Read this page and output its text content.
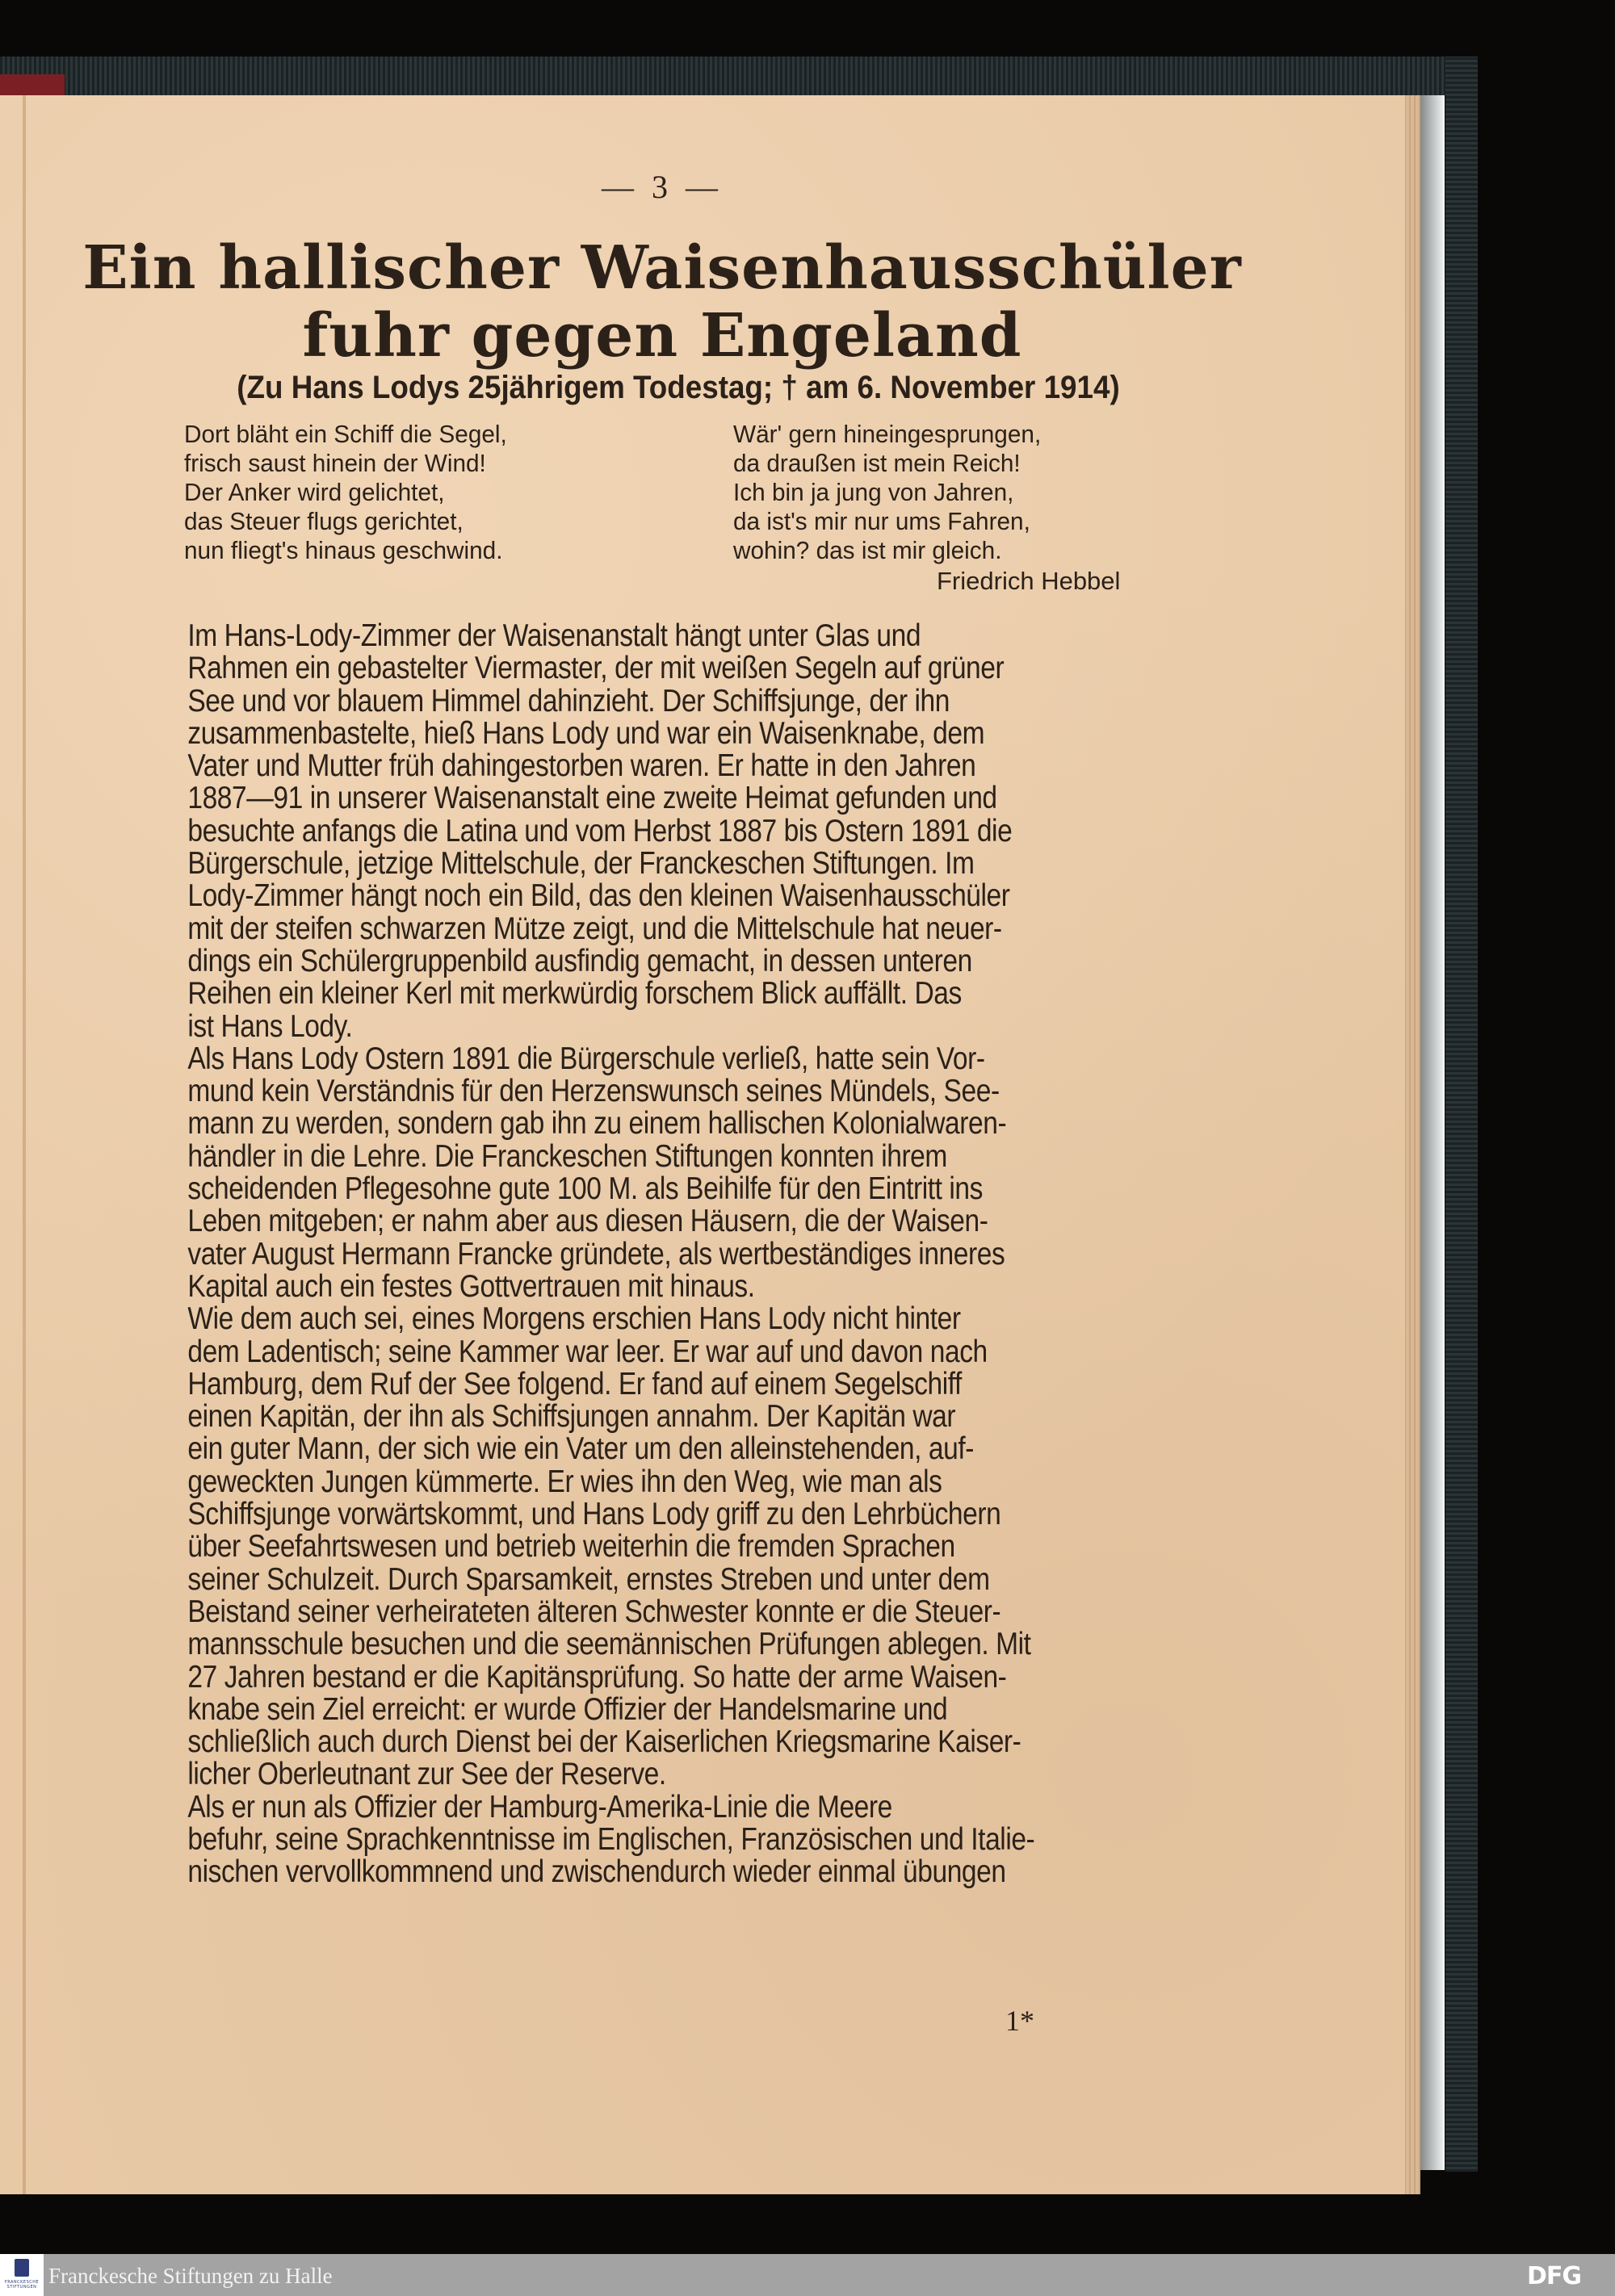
— 3 —
Ein hallischer Waisenhausschüler
fuhr gegen Engeland
(Zu Hans Lodys 25jährigem Todestag; † am 6. November 1914)
Dort bläht ein Schiff die Segel,
frisch saust hinein der Wind!
Der Anker wird gelichtet,
das Steuer flugs gerichtet,
nun fliegt's hinaus geschwind.
Wär' gern hineingesprungen,
da draußen ist mein Reich!
Ich bin ja jung von Jahren,
da ist's mir nur ums Fahren,
wohin? das ist mir gleich.
Friedrich Hebbel
Im Hans-Lody-Zimmer der Waisenanstalt hängt unter Glas und
Rahmen ein gebastelter Viermaster, der mit weißen Segeln auf grüner
See und vor blauem Himmel dahinzieht. Der Schiffsjunge, der ihn
zusammenbastelte, hieß Hans Lody und war ein Waisenknabe, dem
Vater und Mutter früh dahingestorben waren. Er hatte in den Jahren
1887—91 in unserer Waisenanstalt eine zweite Heimat gefunden und
besuchte anfangs die Latina und vom Herbst 1887 bis Ostern 1891 die
Bürgerschule, jetzige Mittelschule, der Franckeschen Stiftungen. Im
Lody-Zimmer hängt noch ein Bild, das den kleinen Waisenhausschüler
mit der steifen schwarzen Mütze zeigt, und die Mittelschule hat neuer-
dings ein Schülergruppenbild ausfindig gemacht, in dessen unteren
Reihen ein kleiner Kerl mit merkwürdig forschem Blick auffällt. Das
ist Hans Lody.
Als Hans Lody Ostern 1891 die Bürgerschule verließ, hatte sein Vor-
mund kein Verständnis für den Herzenswunsch seines Mündels, See-
mann zu werden, sondern gab ihn zu einem hallischen Kolonialwaren-
händler in die Lehre. Die Franckeschen Stiftungen konnten ihrem
scheidenden Pflegesohne gute 100 M. als Beihilfe für den Eintritt ins
Leben mitgeben; er nahm aber aus diesen Häusern, die der Waisen-
vater August Hermann Francke gründete, als wertbeständiges inneres
Kapital auch ein festes Gottvertrauen mit hinaus.
Wie dem auch sei, eines Morgens erschien Hans Lody nicht hinter
dem Ladentisch; seine Kammer war leer. Er war auf und davon nach
Hamburg, dem Ruf der See folgend. Er fand auf einem Segelschiff
einen Kapitän, der ihn als Schiffsjungen annahm. Der Kapitän war
ein guter Mann, der sich wie ein Vater um den alleinstehenden, auf-
geweckten Jungen kümmerte. Er wies ihn den Weg, wie man als
Schiffsjunge vorwärtskommt, und Hans Lody griff zu den Lehrbüchern
über Seefahrtswesen und betrieb weiterhin die fremden Sprachen
seiner Schulzeit. Durch Sparsamkeit, ernstes Streben und unter dem
Beistand seiner verheirateten älteren Schwester konnte er die Steuer-
mannsschule besuchen und die seemännischen Prüfungen ablegen. Mit
27 Jahren bestand er die Kapitänsprüfung. So hatte der arme Waisen-
knabe sein Ziel erreicht: er wurde Offizier der Handelsmarine und
schließlich auch durch Dienst bei der Kaiserlichen Kriegsmarine Kaiser-
licher Oberleutnant zur See der Reserve.
Als er nun als Offizier der Hamburg-Amerika-Linie die Meere
befuhr, seine Sprachkenntnisse im Englischen, Französischen und Italie-
nischen vervollkommnend und zwischendurch wieder einmal übungen
1*
FRANCKESCHE STIFTUNGEN Franckesche Stiftungen zu Halle	DFG
